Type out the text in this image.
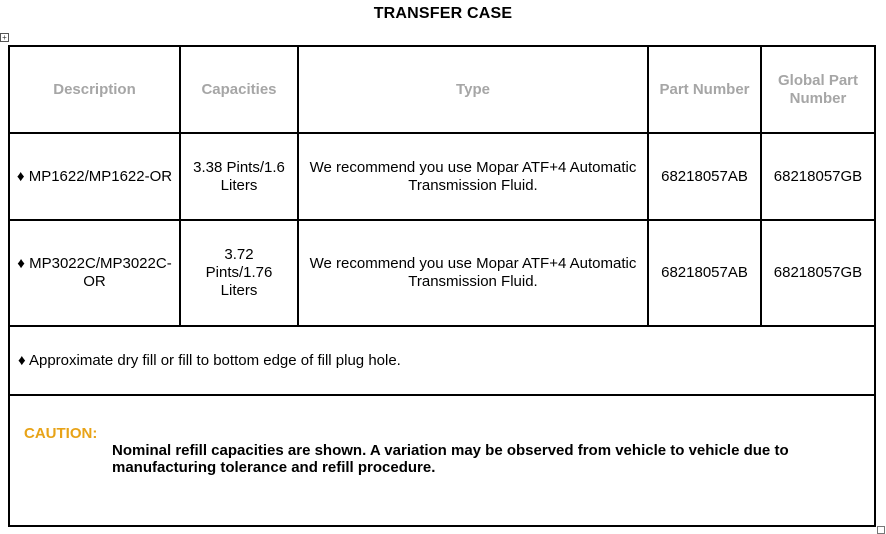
TRANSFER CASE
+
Description	Capacities	Type	Part Number	Global Part Number
♦ MP1622/MP1622-OR	3.38 Pints/1.6 Liters	We recommend you use Mopar ATF+4 Automatic Transmission Fluid.	68218057AB	68218057GB
♦ MP3022C/MP3022C-OR	3.72 Pints/1.76 Liters	We recommend you use Mopar ATF+4 Automatic Transmission Fluid.	68218057AB	68218057GB
♦ Approximate dry fill or fill to bottom edge of fill plug hole.				

CAUTION:
Nominal refill capacities are shown. A variation may be observed from vehicle to vehicle due to manufacturing tolerance and refill procedure.				
